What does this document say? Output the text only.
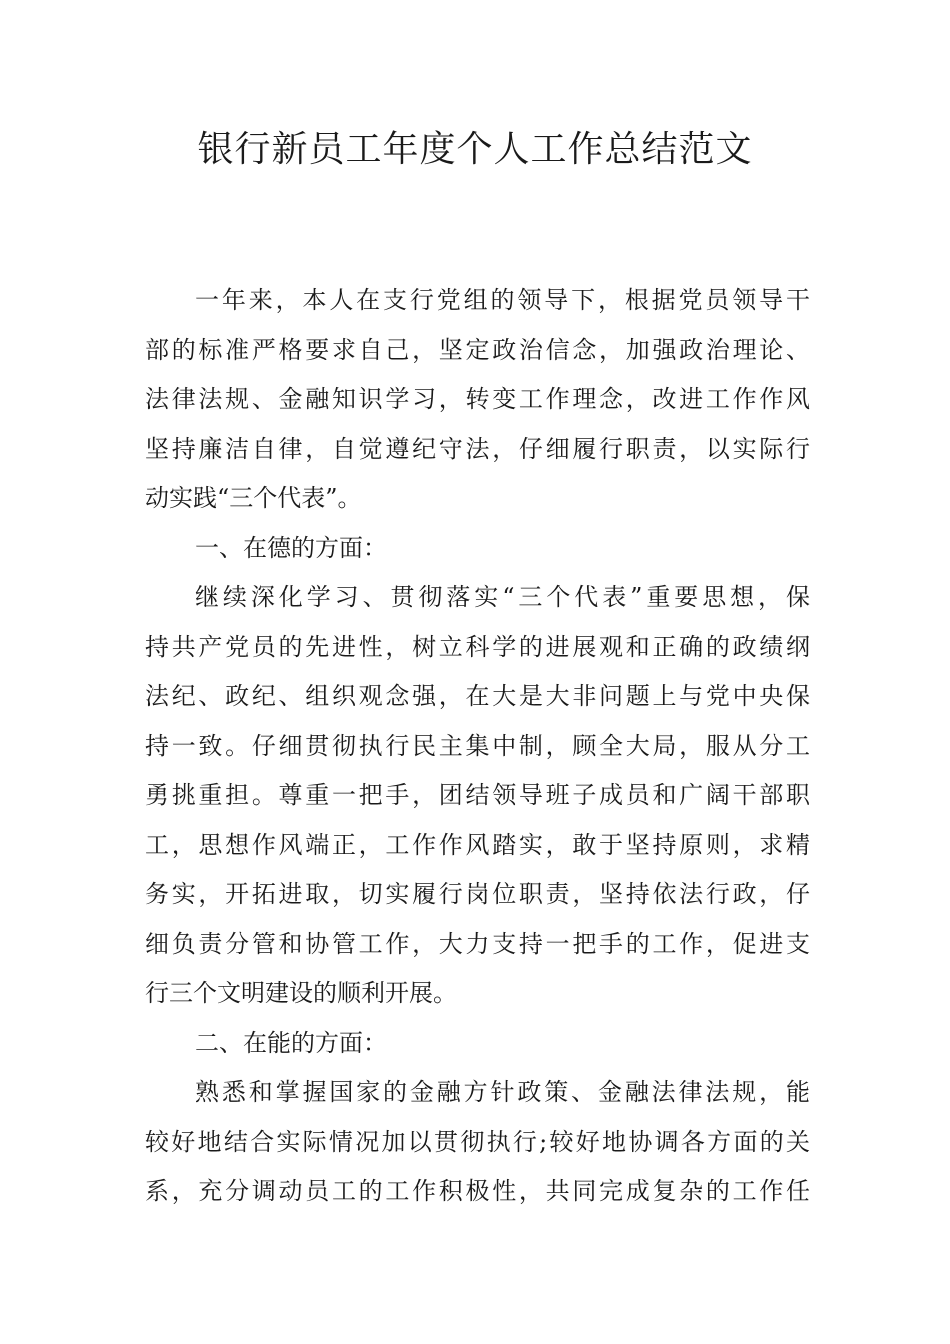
银行新员工年度个人工作总结范文
一年来，本人在支行党组的领导下，根据党员领导干
部的标准严格要求自己，坚定政治信念，加强政治理论、
法律法规、金融知识学习，转变工作理念，改进工作作风
坚持廉洁自律，自觉遵纪守法，仔细履行职责，以实际行
动实践“三个代表”。
一、在德的方面：
继续深化学习、贯彻落实“三个代表”重要思想，保
持共产党员的先进性，树立科学的进展观和正确的政绩纲
法纪、政纪、组织观念强，在大是大非问题上与党中央保
持一致。仔细贯彻执行民主集中制，顾全大局，服从分工
勇挑重担。尊重一把手，团结领导班子成员和广阔干部职
工，思想作风端正，工作作风踏实，敢于坚持原则，求精
务实，开拓进取，切实履行岗位职责，坚持依法行政，仔
细负责分管和协管工作，大力支持一把手的工作，促进支
行三个文明建设的顺利开展。
二、在能的方面：
熟悉和掌握国家的金融方针政策、金融法律法规，能
较好地结合实际情况加以贯彻执行;较好地协调各方面的关
系，充分调动员工的工作积极性，共同完成复杂的工作任
